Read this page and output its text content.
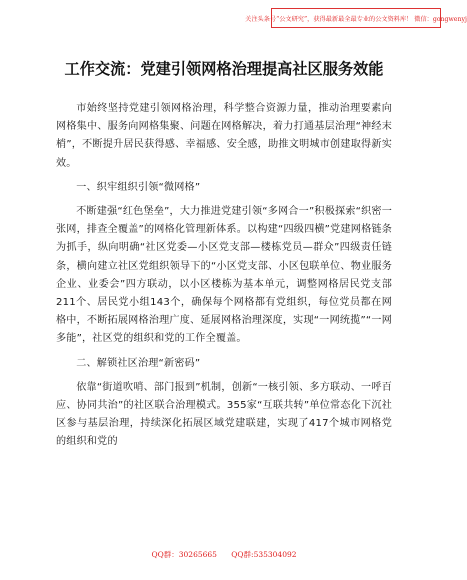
关注头条号“公文研究”，获得最新最全最专业的公文资料库！ 微信：gongwenyj
工作交流：党建引领网格治理提高社区服务效能

市始终坚持党建引领网格治理，科学整合资源力量，推动治理要素向网格集中、服务向网格集聚、问题在网格解决，着力打通基层治理“神经末梢”，不断提升居民获得感、幸福感、安全感，助推文明城市创建取得新实效。

一、织牢组织引领“微网格”

不断建强“红色堡垒”，大力推进党建引领“多网合一”积极探索“织密一张网，排查全覆盖”的网格化管理新体系。以构建“四级四横”党建网格链条为抓手，纵向明确“社区党委—小区党支部—楼栋党员—群众”四级责任链条，横向建立社区党组织领导下的“小区党支部、小区包联单位、物业服务企业、业委会”四方联动，以小区楼栋为基本单元，调整网格居民党支部211个、居民党小组143个，确保每个网格都有党组织，每位党员都在网格中，不断拓展网格治理广度、延展网格治理深度，实现“一网统揽”“一网多能”，社区党的组织和党的工作全覆盖。

二、解锁社区治理“新密码”

依靠“街道吹哨、部门报到”机制，创新“一核引领、多方联动、一呼百应、协同共治”的社区联合治理模式。355家“互联共转”单位常态化下沉社区参与基层治理，持续深化拓展区域党建联建，实现了417个城市网格党的组织和党的

QQ群：30265665      QQ群:535304092
